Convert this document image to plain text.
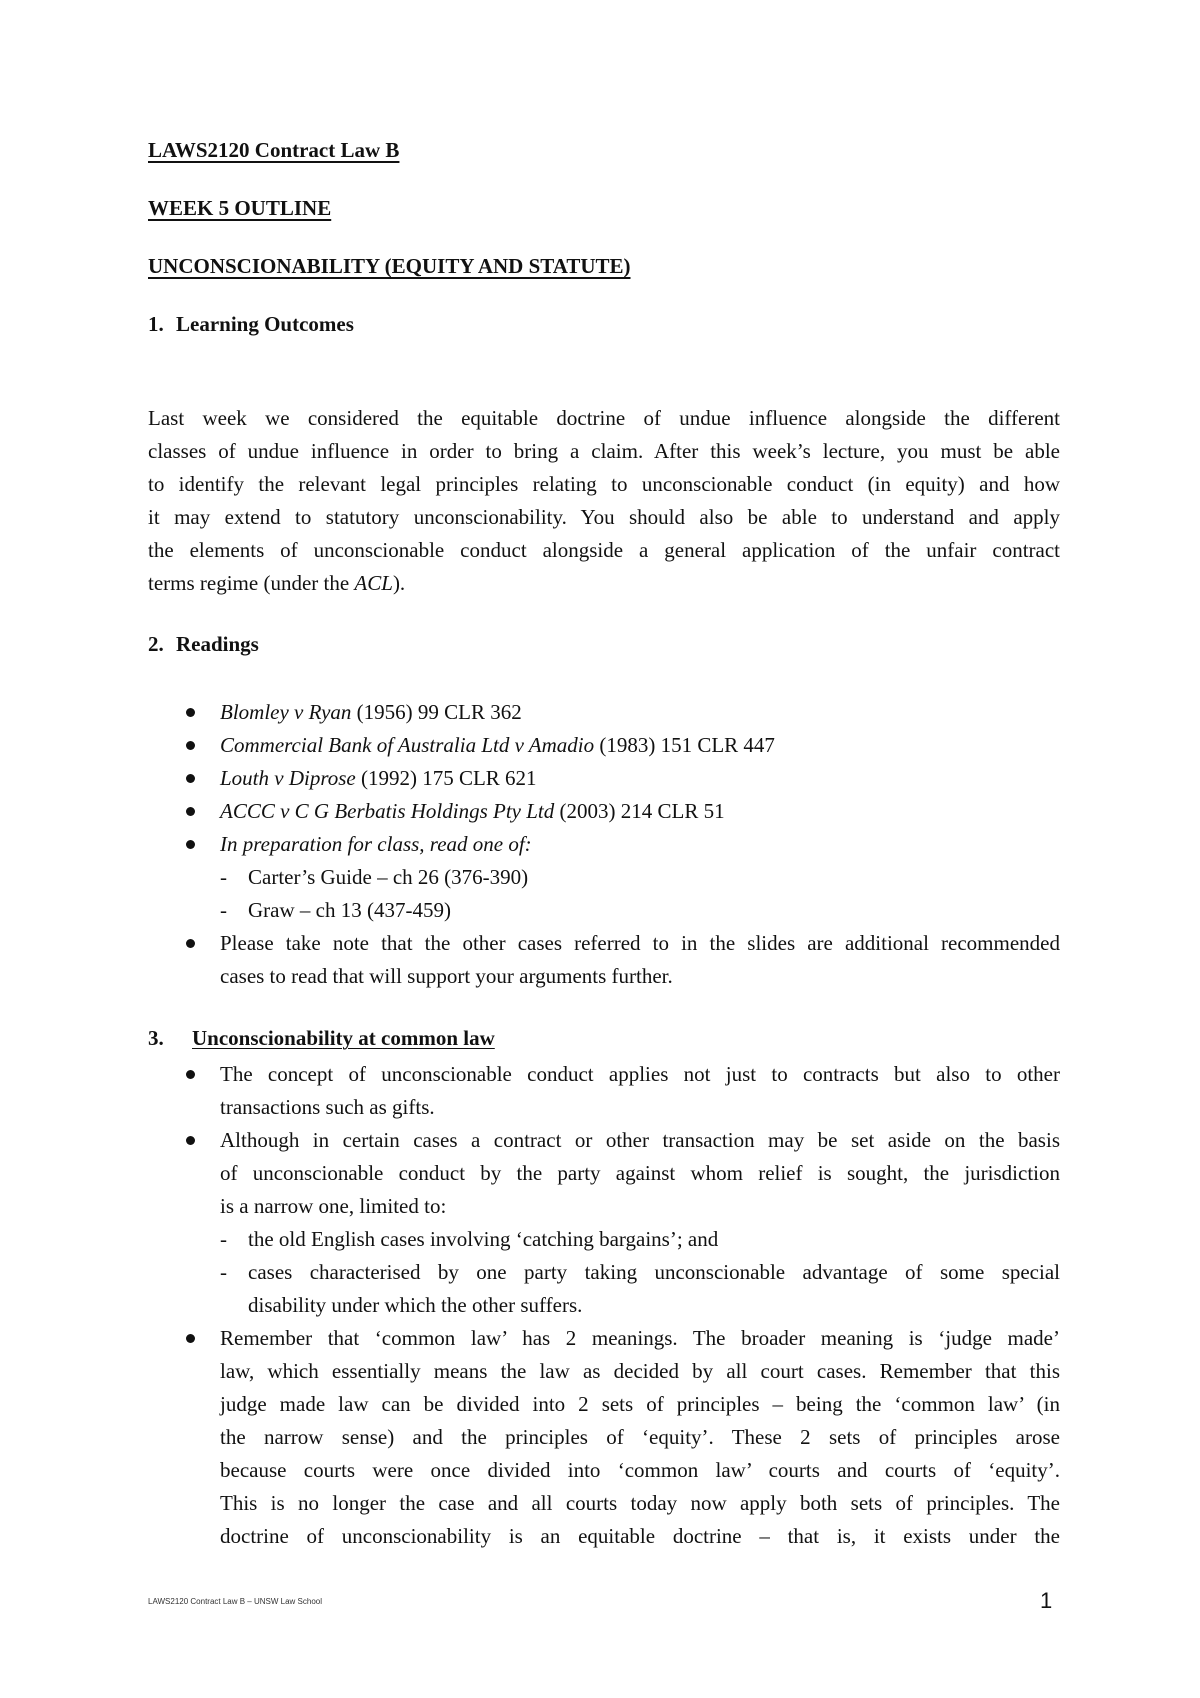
LAWS2120 Contract Law B
WEEK 5 OUTLINE
UNCONSCIONABILITY (EQUITY AND STATUTE)
1. Learning Outcomes
Last week we considered the equitable doctrine of undue influence alongside the different
classes of undue influence in order to bring a claim. After this week’s lecture, you must be able
to identify the relevant legal principles relating to unconscionable conduct (in equity) and how
it may extend to statutory unconscionability. You should also be able to understand and apply
the elements of unconscionable conduct alongside a general application of the unfair contract
terms regime (under the ACL).
2. Readings
Blomley v Ryan (1956) 99 CLR 362
Commercial Bank of Australia Ltd v Amadio (1983) 151 CLR 447
Louth v Diprose (1992) 175 CLR 621
ACCC v C G Berbatis Holdings Pty Ltd (2003) 214 CLR 51
In preparation for class, read one of:
- Carter’s Guide – ch 26 (376-390)
- Graw – ch 13 (437-459)
Please take note that the other cases referred to in the slides are additional recommended
cases to read that will support your arguments further.
3. Unconscionability at common law
The concept of unconscionable conduct applies not just to contracts but also to other
transactions such as gifts.
Although in certain cases a contract or other transaction may be set aside on the basis
of unconscionable conduct by the party against whom relief is sought, the jurisdiction
is a narrow one, limited to:
- the old English cases involving ‘catching bargains’; and
- cases characterised by one party taking unconscionable advantage of some special
disability under which the other suffers.
Remember that ‘common law’ has 2 meanings. The broader meaning is ‘judge made’
law, which essentially means the law as decided by all court cases. Remember that this
judge made law can be divided into 2 sets of principles – being the ‘common law’ (in
the narrow sense) and the principles of ‘equity’. These 2 sets of principles arose
because courts were once divided into ‘common law’ courts and courts of ‘equity’.
This is no longer the case and all courts today now apply both sets of principles. The
doctrine of unconscionability is an equitable doctrine – that is, it exists under the
LAWS2120 Contract Law B – UNSW Law School	1
